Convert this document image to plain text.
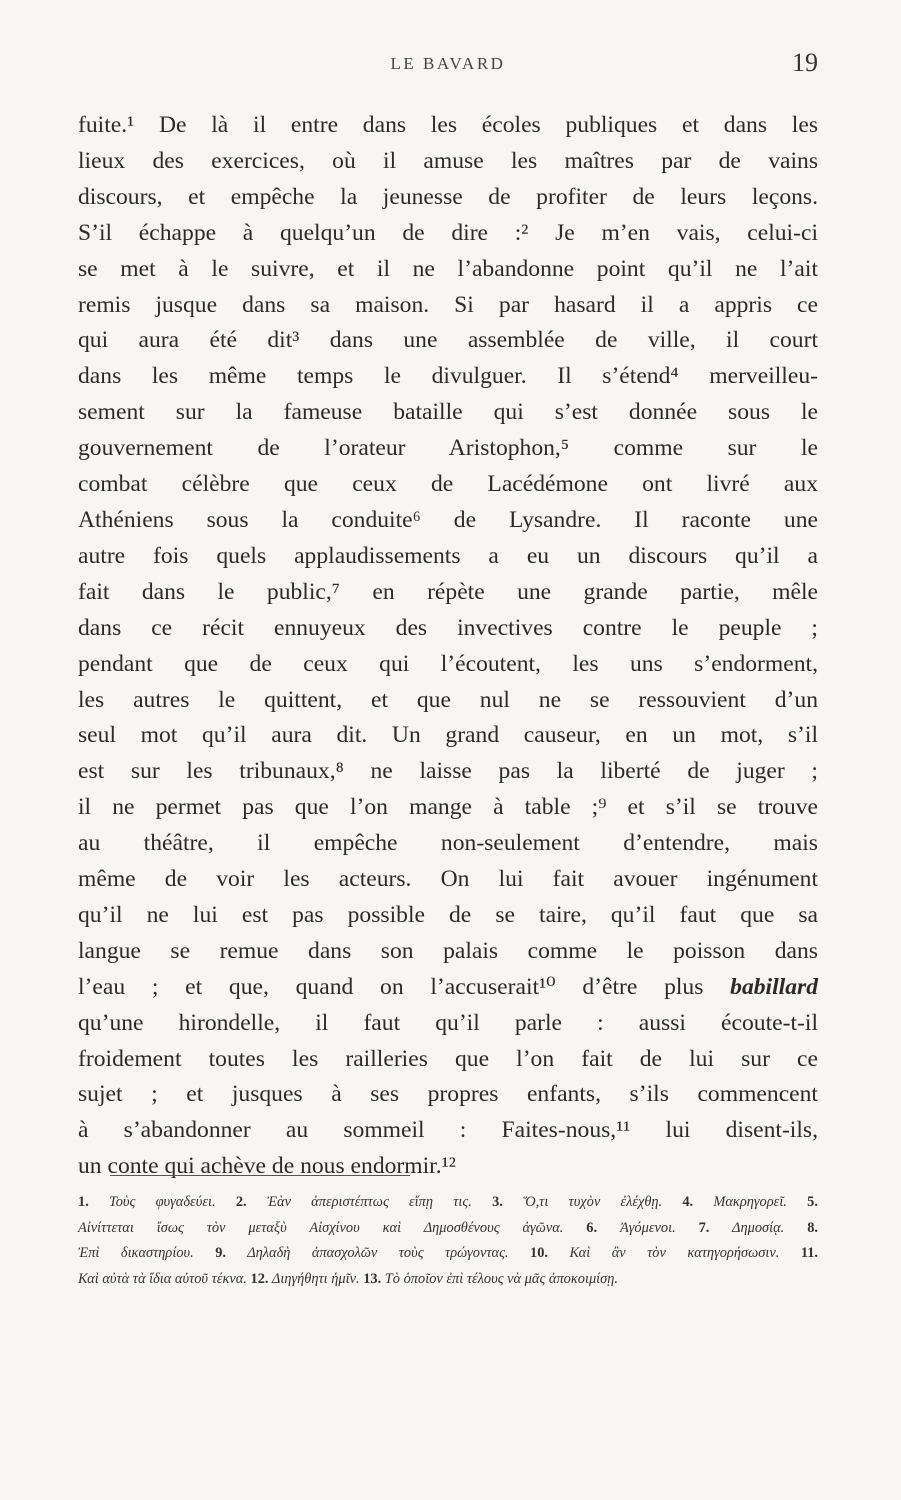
LE BAVARD	19
fuite.¹ De là il entre dans les écoles publiques et dans les
lieux des exercices, où il amuse les maîtres par de vains
discours, et empêche la jeunesse de profiter de leurs leçons.
S’il échappe à quelqu’un de dire :² Je m’en vais, celui-ci
se met à le suivre, et il ne l’abandonne point qu’il ne l’ait
remis jusque dans sa maison. Si par hasard il a appris ce
qui aura été dit³ dans une assemblée de ville, il court
dans les même temps le divulguer. Il s’étend⁴ merveilleu-
sement sur la fameuse bataille qui s’est donnée sous le
gouvernement de l’orateur Aristophon,⁵ comme sur le
combat célèbre que ceux de Lacédémone ont livré aux
Athéniens sous la conduite⁶ de Lysandre. Il raconte une
autre fois quels applaudissements a eu un discours qu’il a
fait dans le public,⁷ en répète une grande partie, mêle
dans ce récit ennuyeux des invectives contre le peuple ;
pendant que de ceux qui l’écoutent, les uns s’endorment,
les autres le quittent, et que nul ne se ressouvient d’un
seul mot qu’il aura dit. Un grand causeur, en un mot, s’il
est sur les tribunaux,⁸ ne laisse pas la liberté de juger ;
il ne permet pas que l’on mange à table ;⁹ et s’il se trouve
au théâtre, il empêche non-seulement d’entendre, mais
même de voir les acteurs. On lui fait avouer ingénument
qu’il ne lui est pas possible de se taire, qu’il faut que sa
langue se remue dans son palais comme le poisson dans
l’eau ; et que, quand on l’accuserait¹⁰ d’être plus babillard
qu’une hirondelle, il faut qu’il parle : aussi écoute-t-il
froidement toutes les railleries que l’on fait de lui sur ce
sujet ; et jusques à ses propres enfants, s’ils commencent
à s’abandonner au sommeil : Faites-nous,¹¹ lui disent-ils,
un conte qui achève de nous endormir.¹²
1. Τοὺς φυγαδεύει. 2. Ἐὰν ἀπεριστέπτως εἴπῃ τις. 3. Ὅ,τι τυχὸν ἐλέχθῃ. 4. Μακρηγορεῖ. 5.
Αἰνίττεται ἴσως τὸν μεταξὺ Αἰσχίνου καὶ Δημοσθένους ἀγῶνα. 6. Ἀγόμενοι. 7. Δημοσίᾳ. 8.
Ἐπὶ δικαστηρίου. 9. Δηλαδὴ ἀπασχολῶν τοὺς τρώγοντας. 10. Καὶ ἂν τὸν κατηγορήσωσιν. 11.
Καὶ αὐτὰ τὰ ἴδια αὐτοῦ τέκνα. 12. Διηγήθητι ἡμῖν. 13. Τὸ ὁποῖον ἐπὶ τέλους νὰ μᾶς ἀποκοιμίσῃ.
